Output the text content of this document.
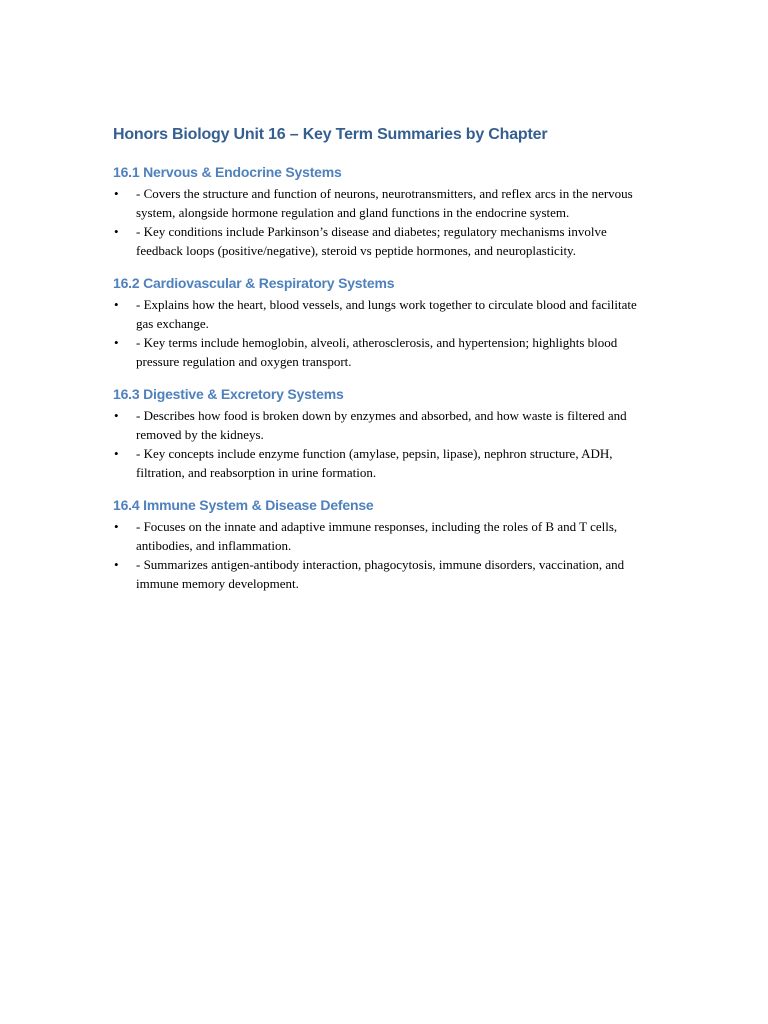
Honors Biology Unit 16 – Key Term Summaries by Chapter
16.1 Nervous & Endocrine Systems
• - Covers the structure and function of neurons, neurotransmitters, and reflex arcs in the nervous system, alongside hormone regulation and gland functions in the endocrine system.
• - Key conditions include Parkinson’s disease and diabetes; regulatory mechanisms involve feedback loops (positive/negative), steroid vs peptide hormones, and neuroplasticity.
16.2 Cardiovascular & Respiratory Systems
• - Explains how the heart, blood vessels, and lungs work together to circulate blood and facilitate gas exchange.
• - Key terms include hemoglobin, alveoli, atherosclerosis, and hypertension; highlights blood pressure regulation and oxygen transport.
16.3 Digestive & Excretory Systems
• - Describes how food is broken down by enzymes and absorbed, and how waste is filtered and removed by the kidneys.
• - Key concepts include enzyme function (amylase, pepsin, lipase), nephron structure, ADH, filtration, and reabsorption in urine formation.
16.4 Immune System & Disease Defense
• - Focuses on the innate and adaptive immune responses, including the roles of B and T cells, antibodies, and inflammation.
• - Summarizes antigen-antibody interaction, phagocytosis, immune disorders, vaccination, and immune memory development.
